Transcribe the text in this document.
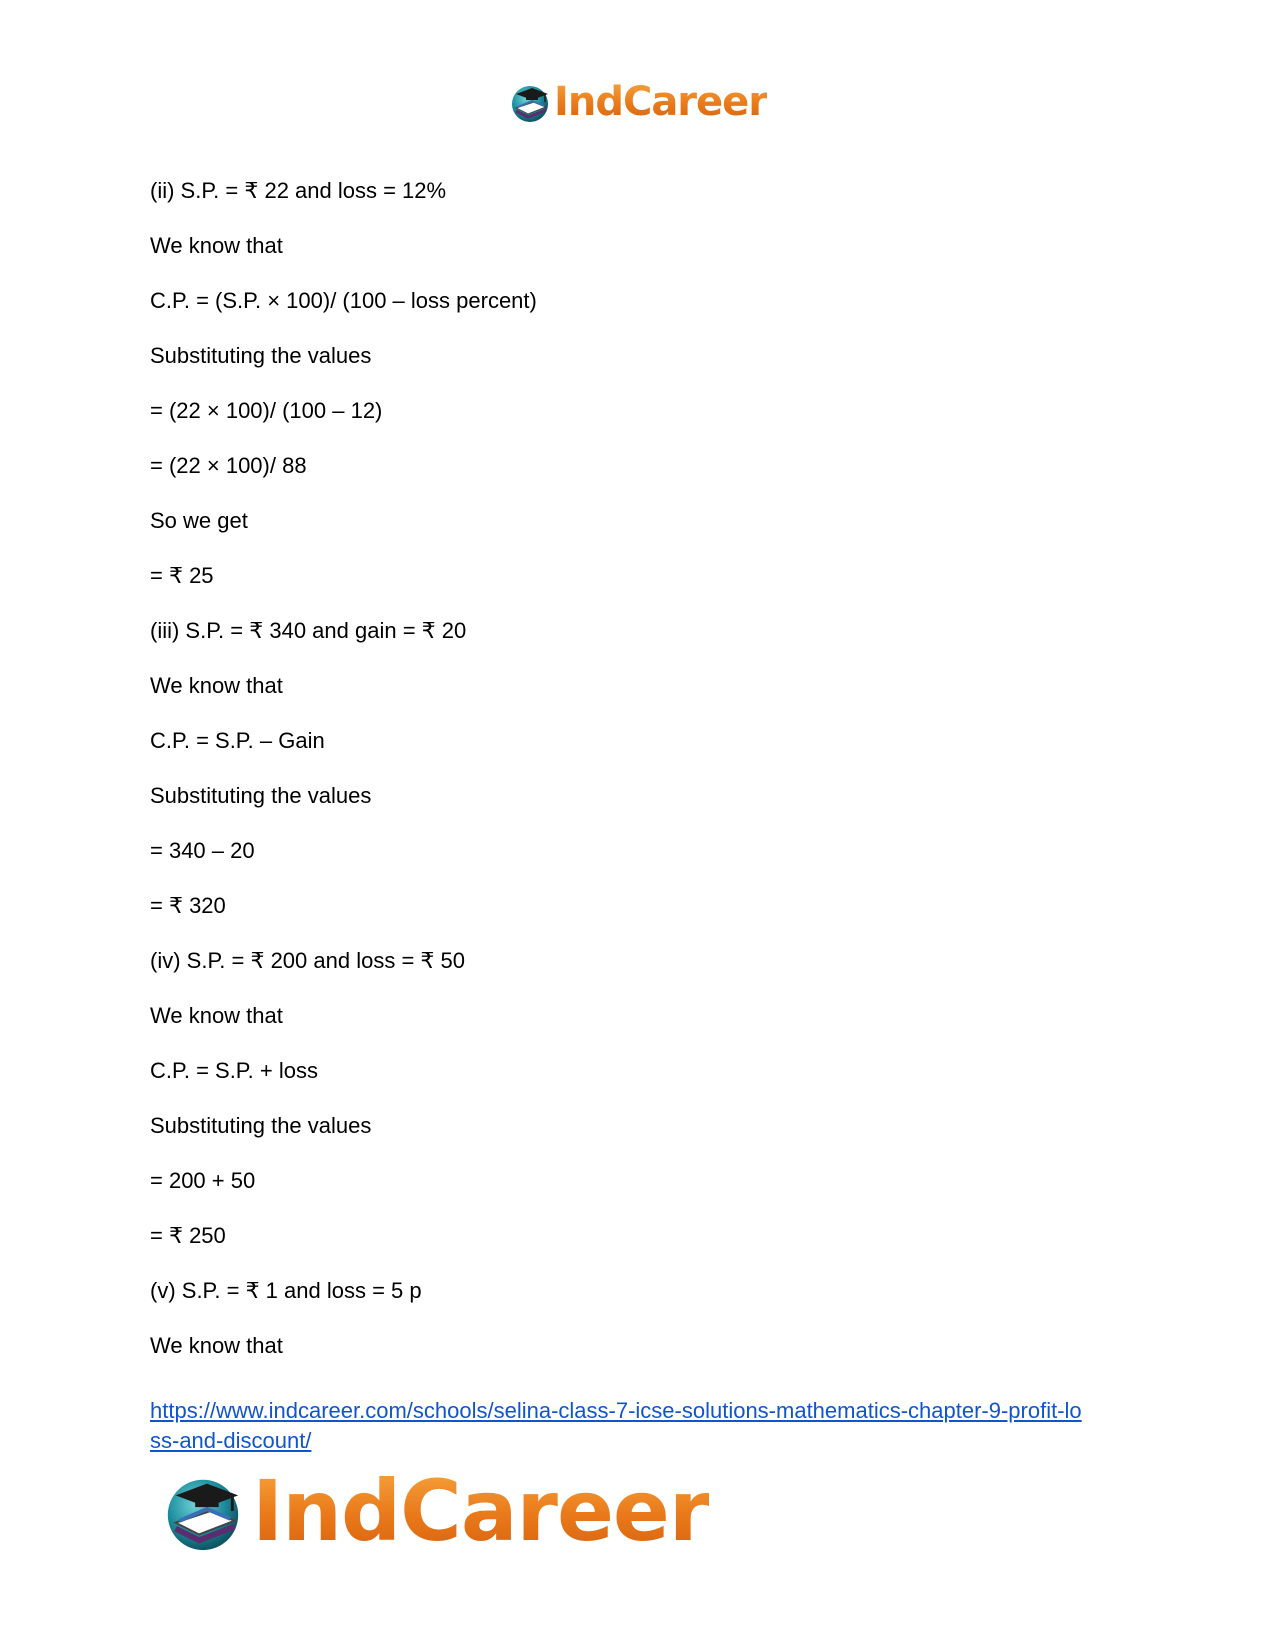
IndCareer
(ii) S.P. = ₹ 22 and loss = 12%
We know that
C.P. = (S.P. × 100)/ (100 – loss percent)
Substituting the values
= (22 × 100)/ (100 – 12)
= (22 × 100)/ 88
So we get
= ₹ 25
(iii) S.P. = ₹ 340 and gain = ₹ 20
We know that
C.P. = S.P. – Gain
Substituting the values
= 340 – 20
= ₹ 320
(iv) S.P. = ₹ 200 and loss = ₹ 50
We know that
C.P. = S.P. + loss
Substituting the values
= 200 + 50
= ₹ 250
(v) S.P. = ₹ 1 and loss = 5 p
We know that
https://www.indcareer.com/schools/selina-class-7-icse-solutions-mathematics-chapter-9-profit-lo
ss-and-discount/
IndCareer
